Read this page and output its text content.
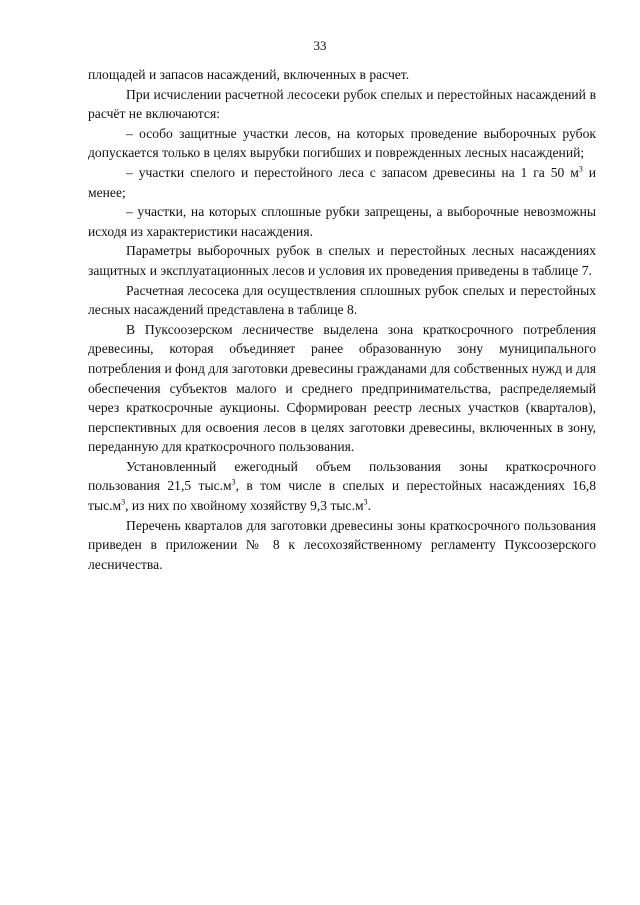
33

площадей и запасов насаждений, включенных в расчет.

При исчислении расчетной лесосеки рубок спелых и перестойных насаждений в расчёт не включаются:

– особо защитные участки лесов, на которых проведение выборочных рубок допускается только в целях вырубки погибших и поврежденных лесных насаждений;

– участки спелого и перестойного леса с запасом древесины на 1 га 50 $м^3$ и менее;

– участки, на которых сплошные рубки запрещены, а выборочные невозможны исходя из характеристики насаждения.

Параметры выборочных рубок в спелых и перестойных лесных насаждениях защитных и эксплуатационных лесов и условия их проведения приведены в таблице 7.

Расчетная лесосека для осуществления сплошных рубок спелых и перестойных лесных насаждений представлена в таблице 8.

В Пуксоозерском лесничестве выделена зона краткосрочного потребления древесины, которая объединяет ранее образованную зону муниципального потребления и фонд для заготовки древесины гражданами для собственных нужд и для обеспечения субъектов малого и среднего предпринимательства, распределяемый через краткосрочные аукционы. Сформирован реестр лесных участков (кварталов), перспективных для освоения лесов в целях заготовки древесины, включенных в зону, переданную для краткосрочного пользования.

Установленный ежегодный объем пользования зоны краткосрочного пользования 21,5 $тыс.м^3$, в том числе в спелых и перестойных насаждениях 16,8 $тыс.м^3$, из них по хвойному хозяйству 9,3 $тыс.м^3$.

Перечень кварталов для заготовки древесины зоны краткосрочного пользования приведен в приложении № 8 к лесохозяйственному регламенту Пуксоозерского лесничества.
